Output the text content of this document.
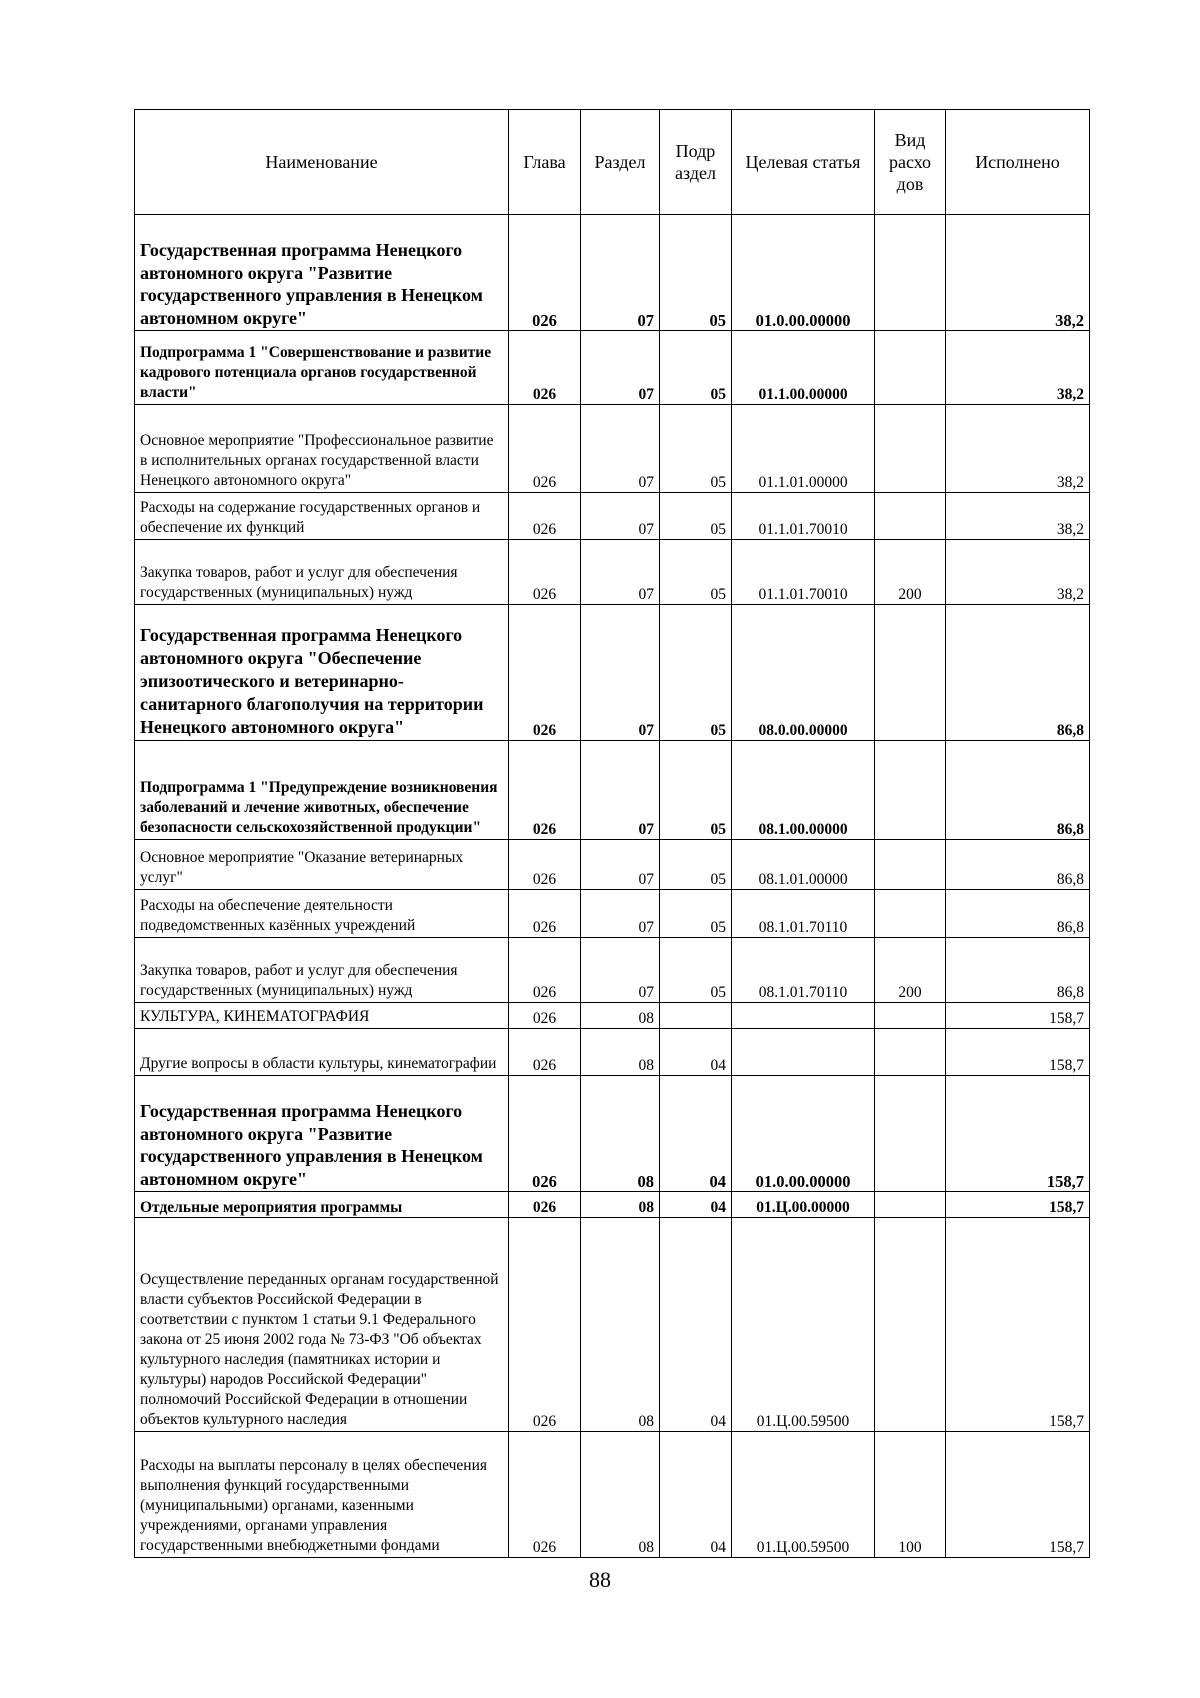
Наименование	Глава	Раздел	Подр аздел	Целевая статья	Вид расхо дов	Исполнено
Государственная программа Ненецкого автономного округа "Развитие государственного управления в Ненецком автономном округе"	026	07	05	01.0.00.00000		38,2
Подпрограмма 1 "Совершенствование и развитие кадрового потенциала органов государственной власти"	026	07	05	01.1.00.00000		38,2
Основное мероприятие "Профессиональное развитие в исполнительных органах государственной власти Ненецкого автономного округа"	026	07	05	01.1.01.00000		38,2
Расходы на содержание государственных органов и обеспечение их функций	026	07	05	01.1.01.70010		38,2
Закупка товаров, работ и услуг для обеспечения государственных (муниципальных) нужд	026	07	05	01.1.01.70010	200	38,2
Государственная программа Ненецкого автономного округа "Обеспечение эпизоотического и ветеринарно-санитарного благополучия на территории Ненецкого автономного округа"	026	07	05	08.0.00.00000		86,8
Подпрограмма 1 "Предупреждение возникновения заболеваний и лечение животных, обеспечение безопасности сельскохозяйственной продукции"	026	07	05	08.1.00.00000		86,8
Основное мероприятие "Оказание ветеринарных услуг"	026	07	05	08.1.01.00000		86,8
Расходы на обеспечение деятельности подведомственных казённых учреждений	026	07	05	08.1.01.70110		86,8
Закупка товаров, работ и услуг для обеспечения государственных (муниципальных) нужд	026	07	05	08.1.01.70110	200	86,8
КУЛЬТУРА, КИНЕМАТОГРАФИЯ	026	08				158,7
Другие вопросы в области культуры, кинематографии	026	08	04			158,7
Государственная программа Ненецкого автономного округа "Развитие государственного управления в Ненецком автономном округе"	026	08	04	01.0.00.00000		158,7
Отдельные мероприятия программы	026	08	04	01.Ц.00.00000		158,7
Осуществление переданных органам государственной власти субъектов Российской Федерации в соответствии с пунктом 1 статьи 9.1 Федерального закона от 25 июня 2002 года № 73-ФЗ "Об объектах культурного наследия (памятниках истории и культуры) народов Российской Федерации" полномочий Российской Федерации в отношении объектов культурного наследия	026	08	04	01.Ц.00.59500		158,7
Расходы на выплаты персоналу в целях обеспечения выполнения функций государственными (муниципальными) органами, казенными учреждениями, органами управления государственными внебюджетными фондами	026	08	04	01.Ц.00.59500	100	158,7
88
